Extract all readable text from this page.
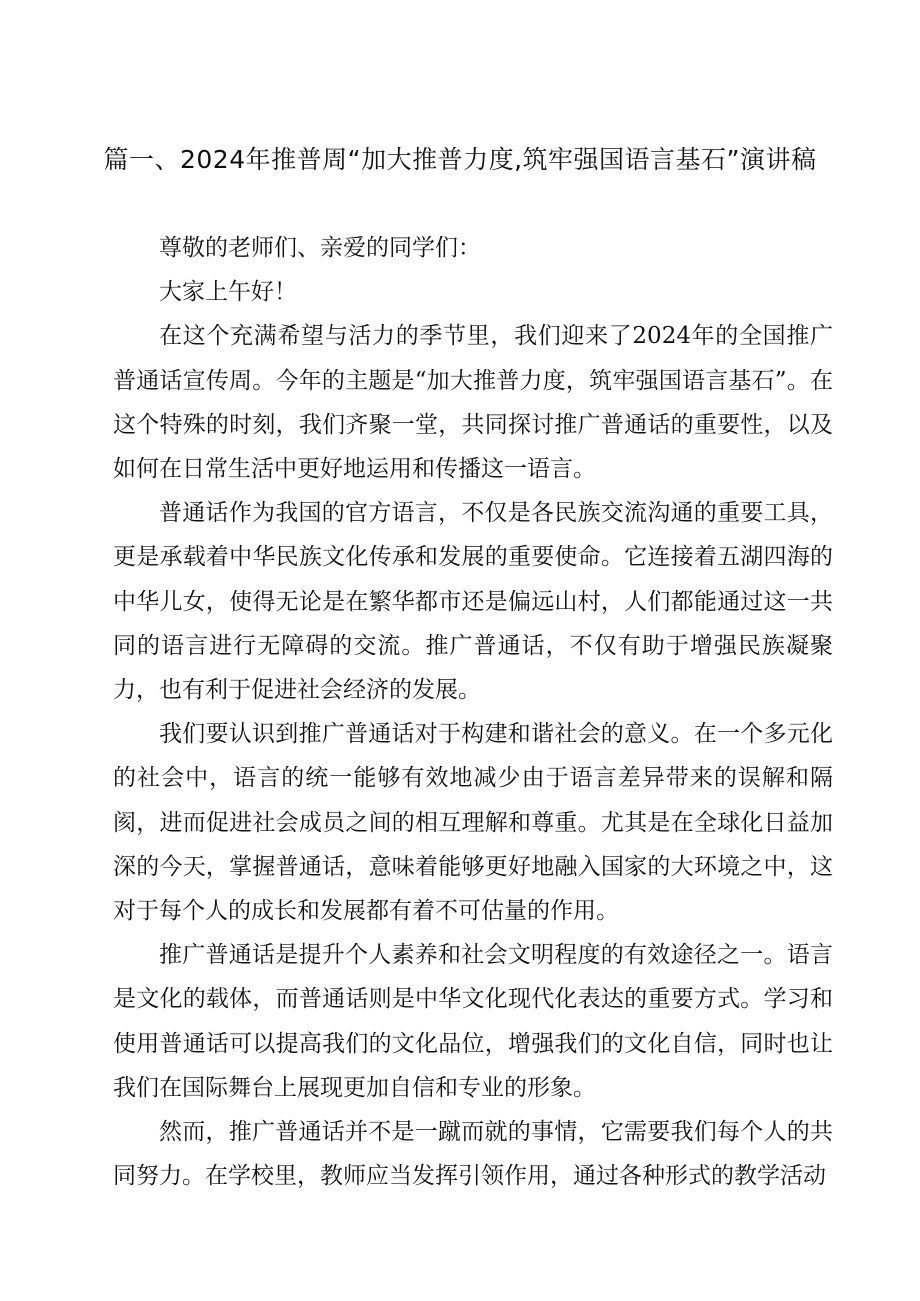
篇一、2024年推普周“加大推普力度,筑牢强国语言基石”演讲稿

尊敬的老师们、亲爱的同学们：

大家上午好！

在这个充满希望与活力的季节里，我们迎来了2024年的全国推广普通话宣传周。今年的主题是“加大推普力度，筑牢强国语言基石”。在这个特殊的时刻，我们齐聚一堂，共同探讨推广普通话的重要性，以及如何在日常生活中更好地运用和传播这一语言。

普通话作为我国的官方语言，不仅是各民族交流沟通的重要工具，更是承载着中华民族文化传承和发展的重要使命。它连接着五湖四海的中华儿女，使得无论是在繁华都市还是偏远山村，人们都能通过这一共同的语言进行无障碍的交流。推广普通话，不仅有助于增强民族凝聚力，也有利于促进社会经济的发展。

我们要认识到推广普通话对于构建和谐社会的意义。在一个多元化的社会中，语言的统一能够有效地减少由于语言差异带来的误解和隔阂，进而促进社会成员之间的相互理解和尊重。尤其是在全球化日益加深的今天，掌握普通话，意味着能够更好地融入国家的大环境之中，这对于每个人的成长和发展都有着不可估量的作用。

推广普通话是提升个人素养和社会文明程度的有效途径之一。语言是文化的载体，而普通话则是中华文化现代化表达的重要方式。学习和使用普通话可以提高我们的文化品位，增强我们的文化自信，同时也让我们在国际舞台上展现更加自信和专业的形象。

然而，推广普通话并不是一蹴而就的事情，它需要我们每个人的共同努力。在学校里，教师应当发挥引领作用，通过各种形式的教学活动
